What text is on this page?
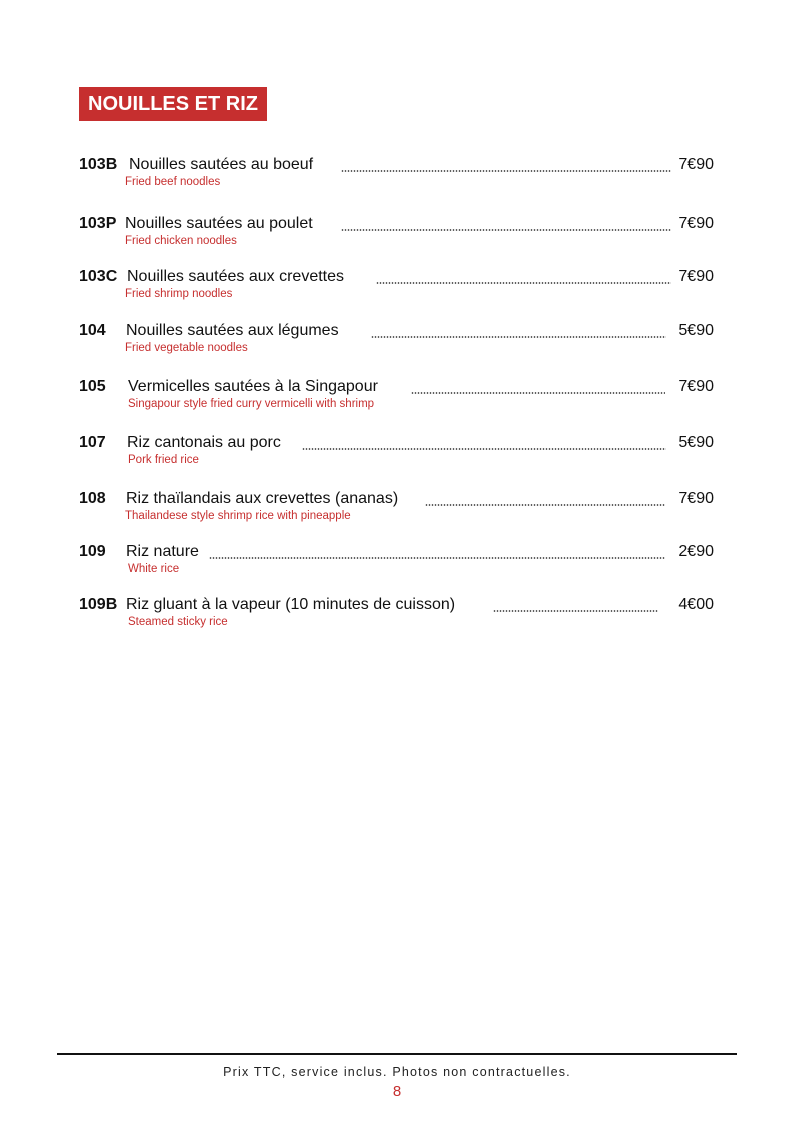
NOUILLES ET RIZ
103B Nouilles sautées au boeuf	7€90
Fried beef noodles
103P Nouilles sautées au poulet	7€90
Fried chicken noodles
103C Nouilles sautées aux crevettes	7€90
Fried shrimp noodles
104 Nouilles sautées aux légumes	5€90
Fried vegetable noodles
105 Vermicelles sautées à la Singapour	7€90
Singapour style fried curry vermicelli with shrimp
107 Riz cantonais au porc	5€90
Pork fried rice
108 Riz thaïlandais aux crevettes (ananas)	7€90
Thailandese style shrimp rice with pineapple
109 Riz nature	2€90
White rice
109B Riz gluant à la vapeur (10 minutes de cuisson)	4€00
Steamed sticky rice
Prix TTC, service inclus. Photos non contractuelles.
8
